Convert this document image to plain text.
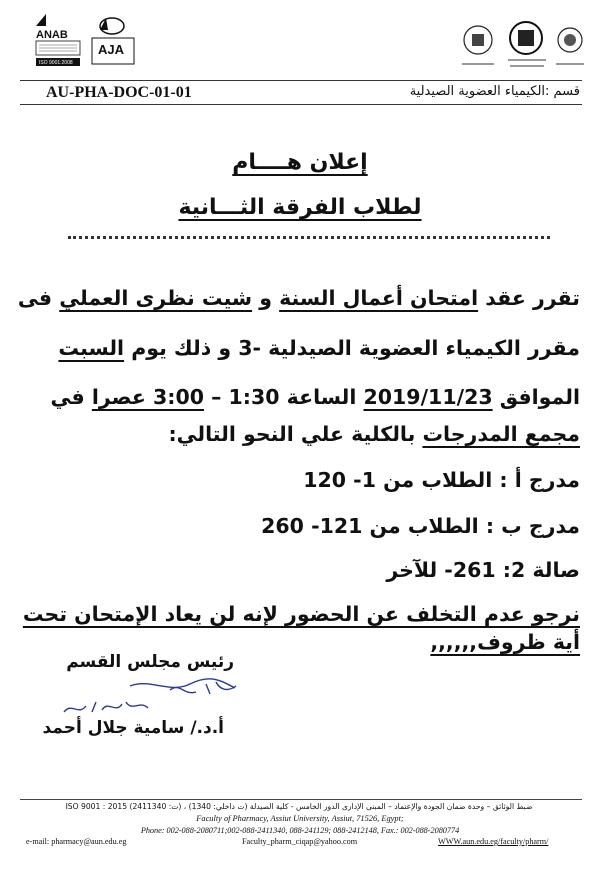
ANAB
ISO 9001:2008
AJA
AU-PHA-DOC-01-01	قسم :الكيمياء العضوية الصيدلية
إعلان هــــام
لطلاب الفرقة الثـــانية
تقرر عقد امتحان أعمال السنة و شيت نظرى العملي فى
مقرر الكيمياء العضوية الصيدلية -3 و ذلك يوم السبت
الموافق 2019/11/23 الساعة 1:30 – 3:00 عصرا في
مجمع المدرجات بالكلية علي النحو التالي:
مدرج أ : الطلاب من 1- 120
مدرج ب : الطلاب من 121- 260
صالة 2: 261- للآخر
نرجو عدم التخلف عن الحضور لإنه لن يعاد الإمتحان تحت
أية ظروف,,,,,,
رئيس مجلس القسم
أ.د./ سامية جلال أحمد
ضبط الوثائق – وحدة ضمان الجودة والإعتماد – المبنى الإدارى الدور الخامس - كلية الصيدلة (ت داخلي: 1340) ، (ت: 2411340) ISO 9001 : 2015
Faculty of Pharmacy, Assiut University, Assiut, 71526, Egypt;
Phone: 002-088-2080711;002-088-2411340, 088-241129; 088-2412148, Fax.: 002-088-2080774
e-mail: pharmacy@aun.edu.eg	Faculty_pharm_ciqap@yahoo.com	WWW.aun.edu.eg/faculty/pharm/
